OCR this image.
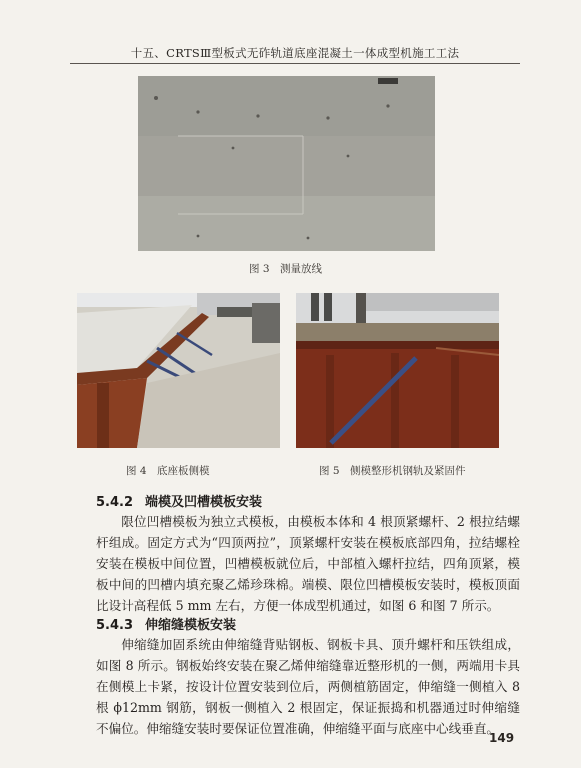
十五、CRTSⅢ型板式无砟轨道底座混凝土一体成型机施工工法
图 3　测量放线
图 4　底座板侧模	图 5　侧模整形机钢轨及紧固件
5.4.2 端模及凹槽模板安装

限位凹槽模板为独立式模板，由模板本体和 4 根顶紧螺杆、2 根拉结螺杆组成。固定方式为“四顶两拉”，顶紧螺杆安装在模板底部四角，拉结螺栓安装在模板中间位置，凹槽模板就位后，中部植入螺杆拉结，四角顶紧，模板中间的凹槽内填充聚乙烯珍珠棉。端模、限位凹槽模板安装时，模板顶面比设计高程低 5 mm 左右，方便一体成型机通过，如图 6 和图 7 所示。

5.4.3 伸缩缝模板安装

伸缩缝加固系统由伸缩缝背贴钢板、钢板卡具、顶升螺杆和压铁组成，如图 8 所示。钢板始终安装在聚乙烯伸缩缝靠近整形机的一侧，两端用卡具在侧模上卡紧，按设计位置安装到位后，两侧植筋固定，伸缩缝一侧植入 8 根 ϕ12mm 钢筋，钢板一侧植入 2 根固定，保证振捣和机器通过时伸缩缝不偏位。伸缩缝安装时要保证位置准确，伸缩缝平面与底座中心线垂直。

149
